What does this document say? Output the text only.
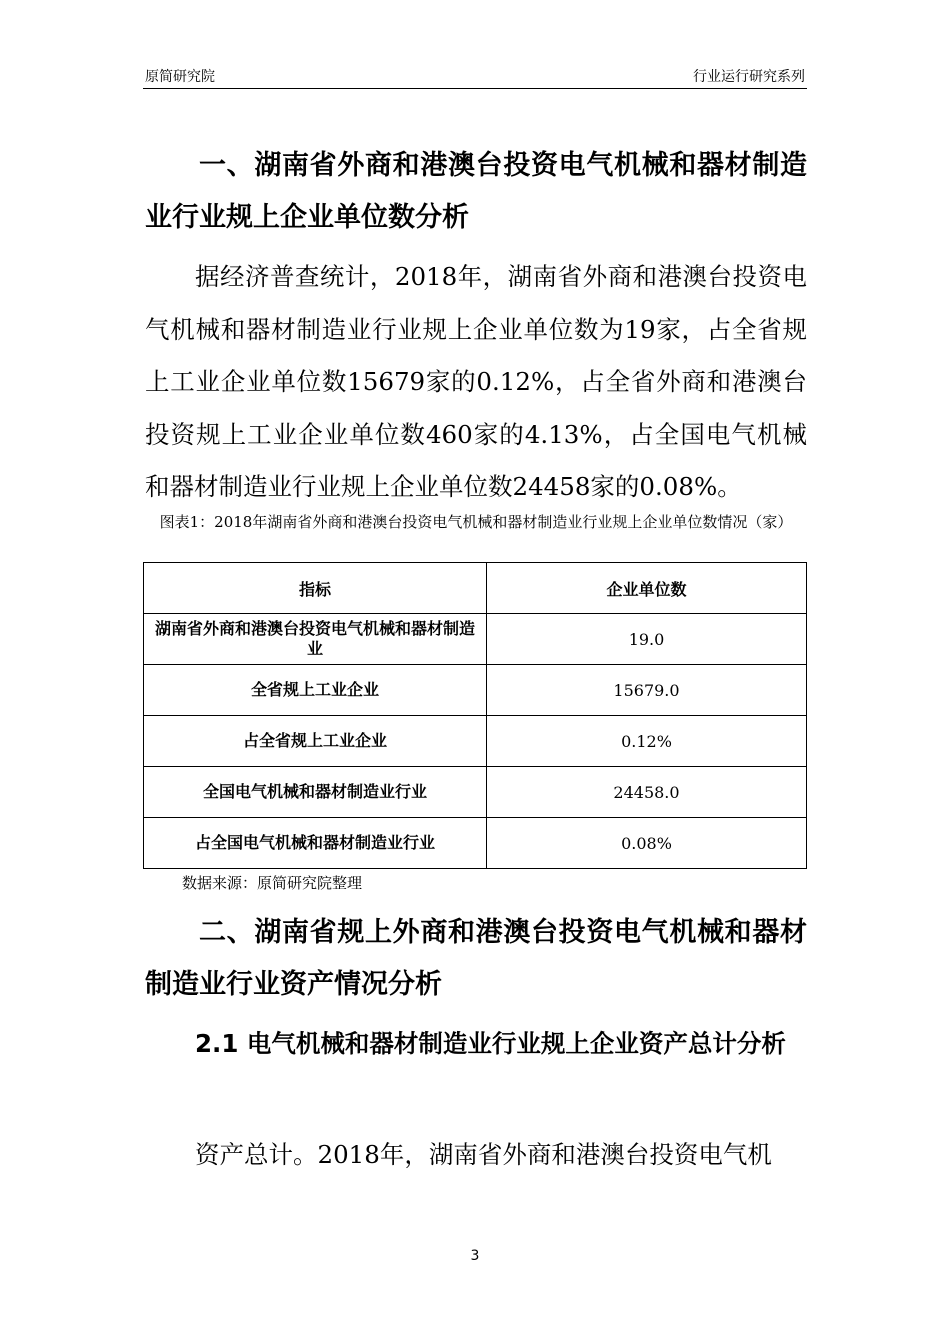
原简研究院	行业运行研究系列
一、湖南省外商和港澳台投资电气机械和器材制造业行业规上企业单位数分析

据经济普查统计，2018年，湖南省外商和港澳台投资电气机械和器材制造业行业规上企业单位数为19家，占全省规上工业企业单位数15679家的0.12%，占全省外商和港澳台投资规上工业企业单位数460家的4.13%，占全国电气机械和器材制造业行业规上企业单位数24458家的0.08%。

图表1：2018年湖南省外商和港澳台投资电气机械和器材制造业行业规上企业单位数情况（家）

指标	企业单位数
湖南省外商和港澳台投资电气机械和器材制造业	19.0
全省规上工业企业	15679.0
占全省规上工业企业	0.12%
全国电气机械和器材制造业行业	24458.0
占全国电气机械和器材制造业行业	0.08%
数据来源：原简研究院整理
二、湖南省规上外商和港澳台投资电气机械和器材制造业行业资产情况分析
2.1 电气机械和器材制造业行业规上企业资产总计分析

资产总计。2018年，湖南省外商和港澳台投资电气机

3
